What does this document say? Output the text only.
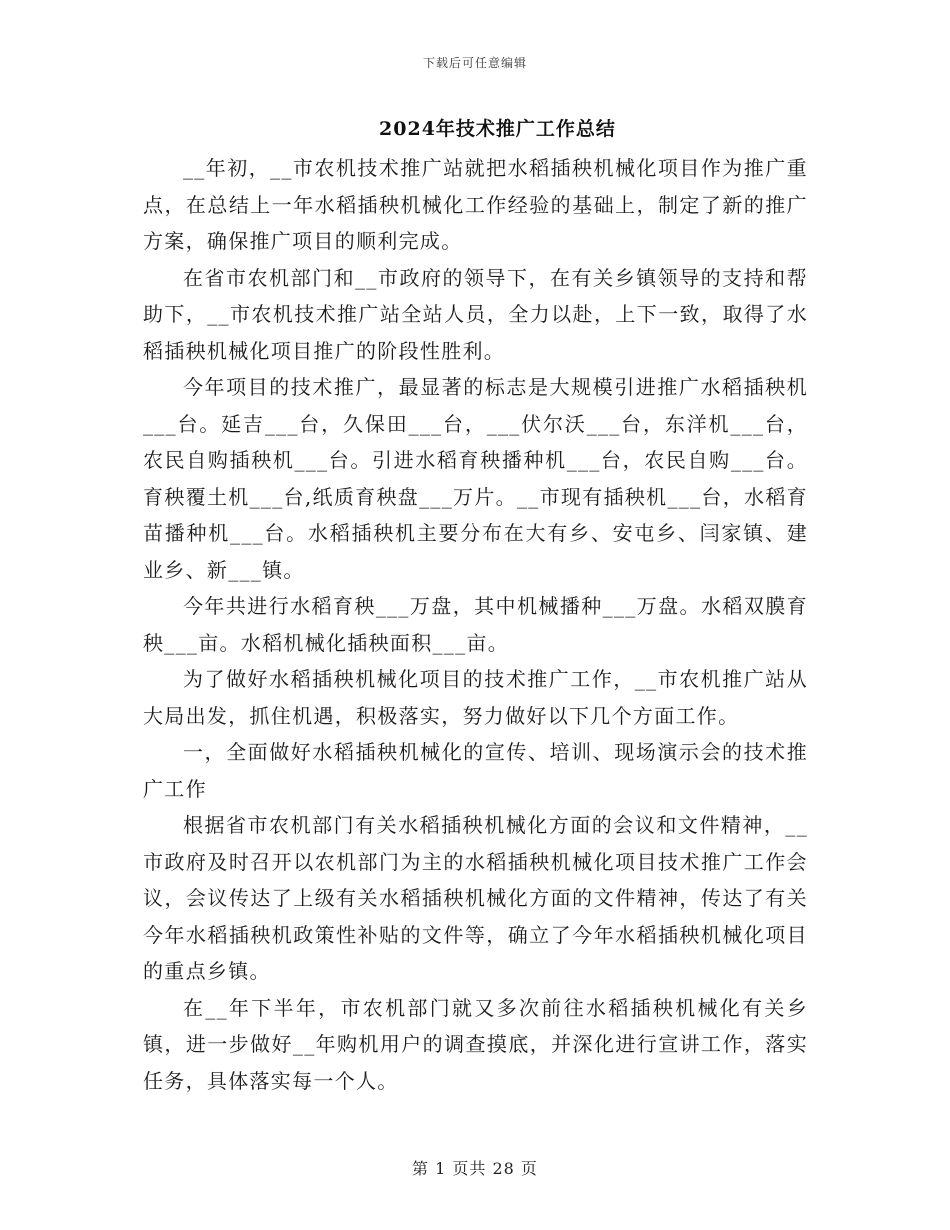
下载后可任意编辑
2024年技术推广工作总结

__年初，__市农机技术推广站就把水稻插秧机械化项目作为推广重点，在总结上一年水稻插秧机械化工作经验的基础上，制定了新的推广方案，确保推广项目的顺利完成。

在省市农机部门和__市政府的领导下，在有关乡镇领导的支持和帮助下，__市农机技术推广站全站人员，全力以赴，上下一致，取得了水稻插秧机械化项目推广的阶段性胜利。

今年项目的技术推广，最显著的标志是大规模引进推广水稻插秧机___台。延吉___台，久保田___台，___伏尔沃___台，东洋机___台，农民自购插秧机___台。引进水稻育秧播种机___台，农民自购___台。育秧覆土机___台,纸质育秧盘___万片。__市现有插秧机___台，水稻育苗播种机___台。水稻插秧机主要分布在大有乡、安屯乡、闫家镇、建业乡、新___镇。

今年共进行水稻育秧___万盘，其中机械播种___万盘。水稻双膜育秧___亩。水稻机械化插秧面积___亩。

为了做好水稻插秧机械化项目的技术推广工作，__市农机推广站从大局出发，抓住机遇，积极落实，努力做好以下几个方面工作。

一，全面做好水稻插秧机械化的宣传、培训、现场演示会的技术推广工作

根据省市农机部门有关水稻插秧机械化方面的会议和文件精神，__市政府及时召开以农机部门为主的水稻插秧机械化项目技术推广工作会议，会议传达了上级有关水稻插秧机械化方面的文件精神，传达了有关今年水稻插秧机政策性补贴的文件等，确立了今年水稻插秧机械化项目的重点乡镇。

在__年下半年，市农机部门就又多次前往水稻插秧机械化有关乡镇，进一步做好__年购机用户的调查摸底，并深化进行宣讲工作，落实任务，具体落实每一个人。

第 1 页共 28 页
